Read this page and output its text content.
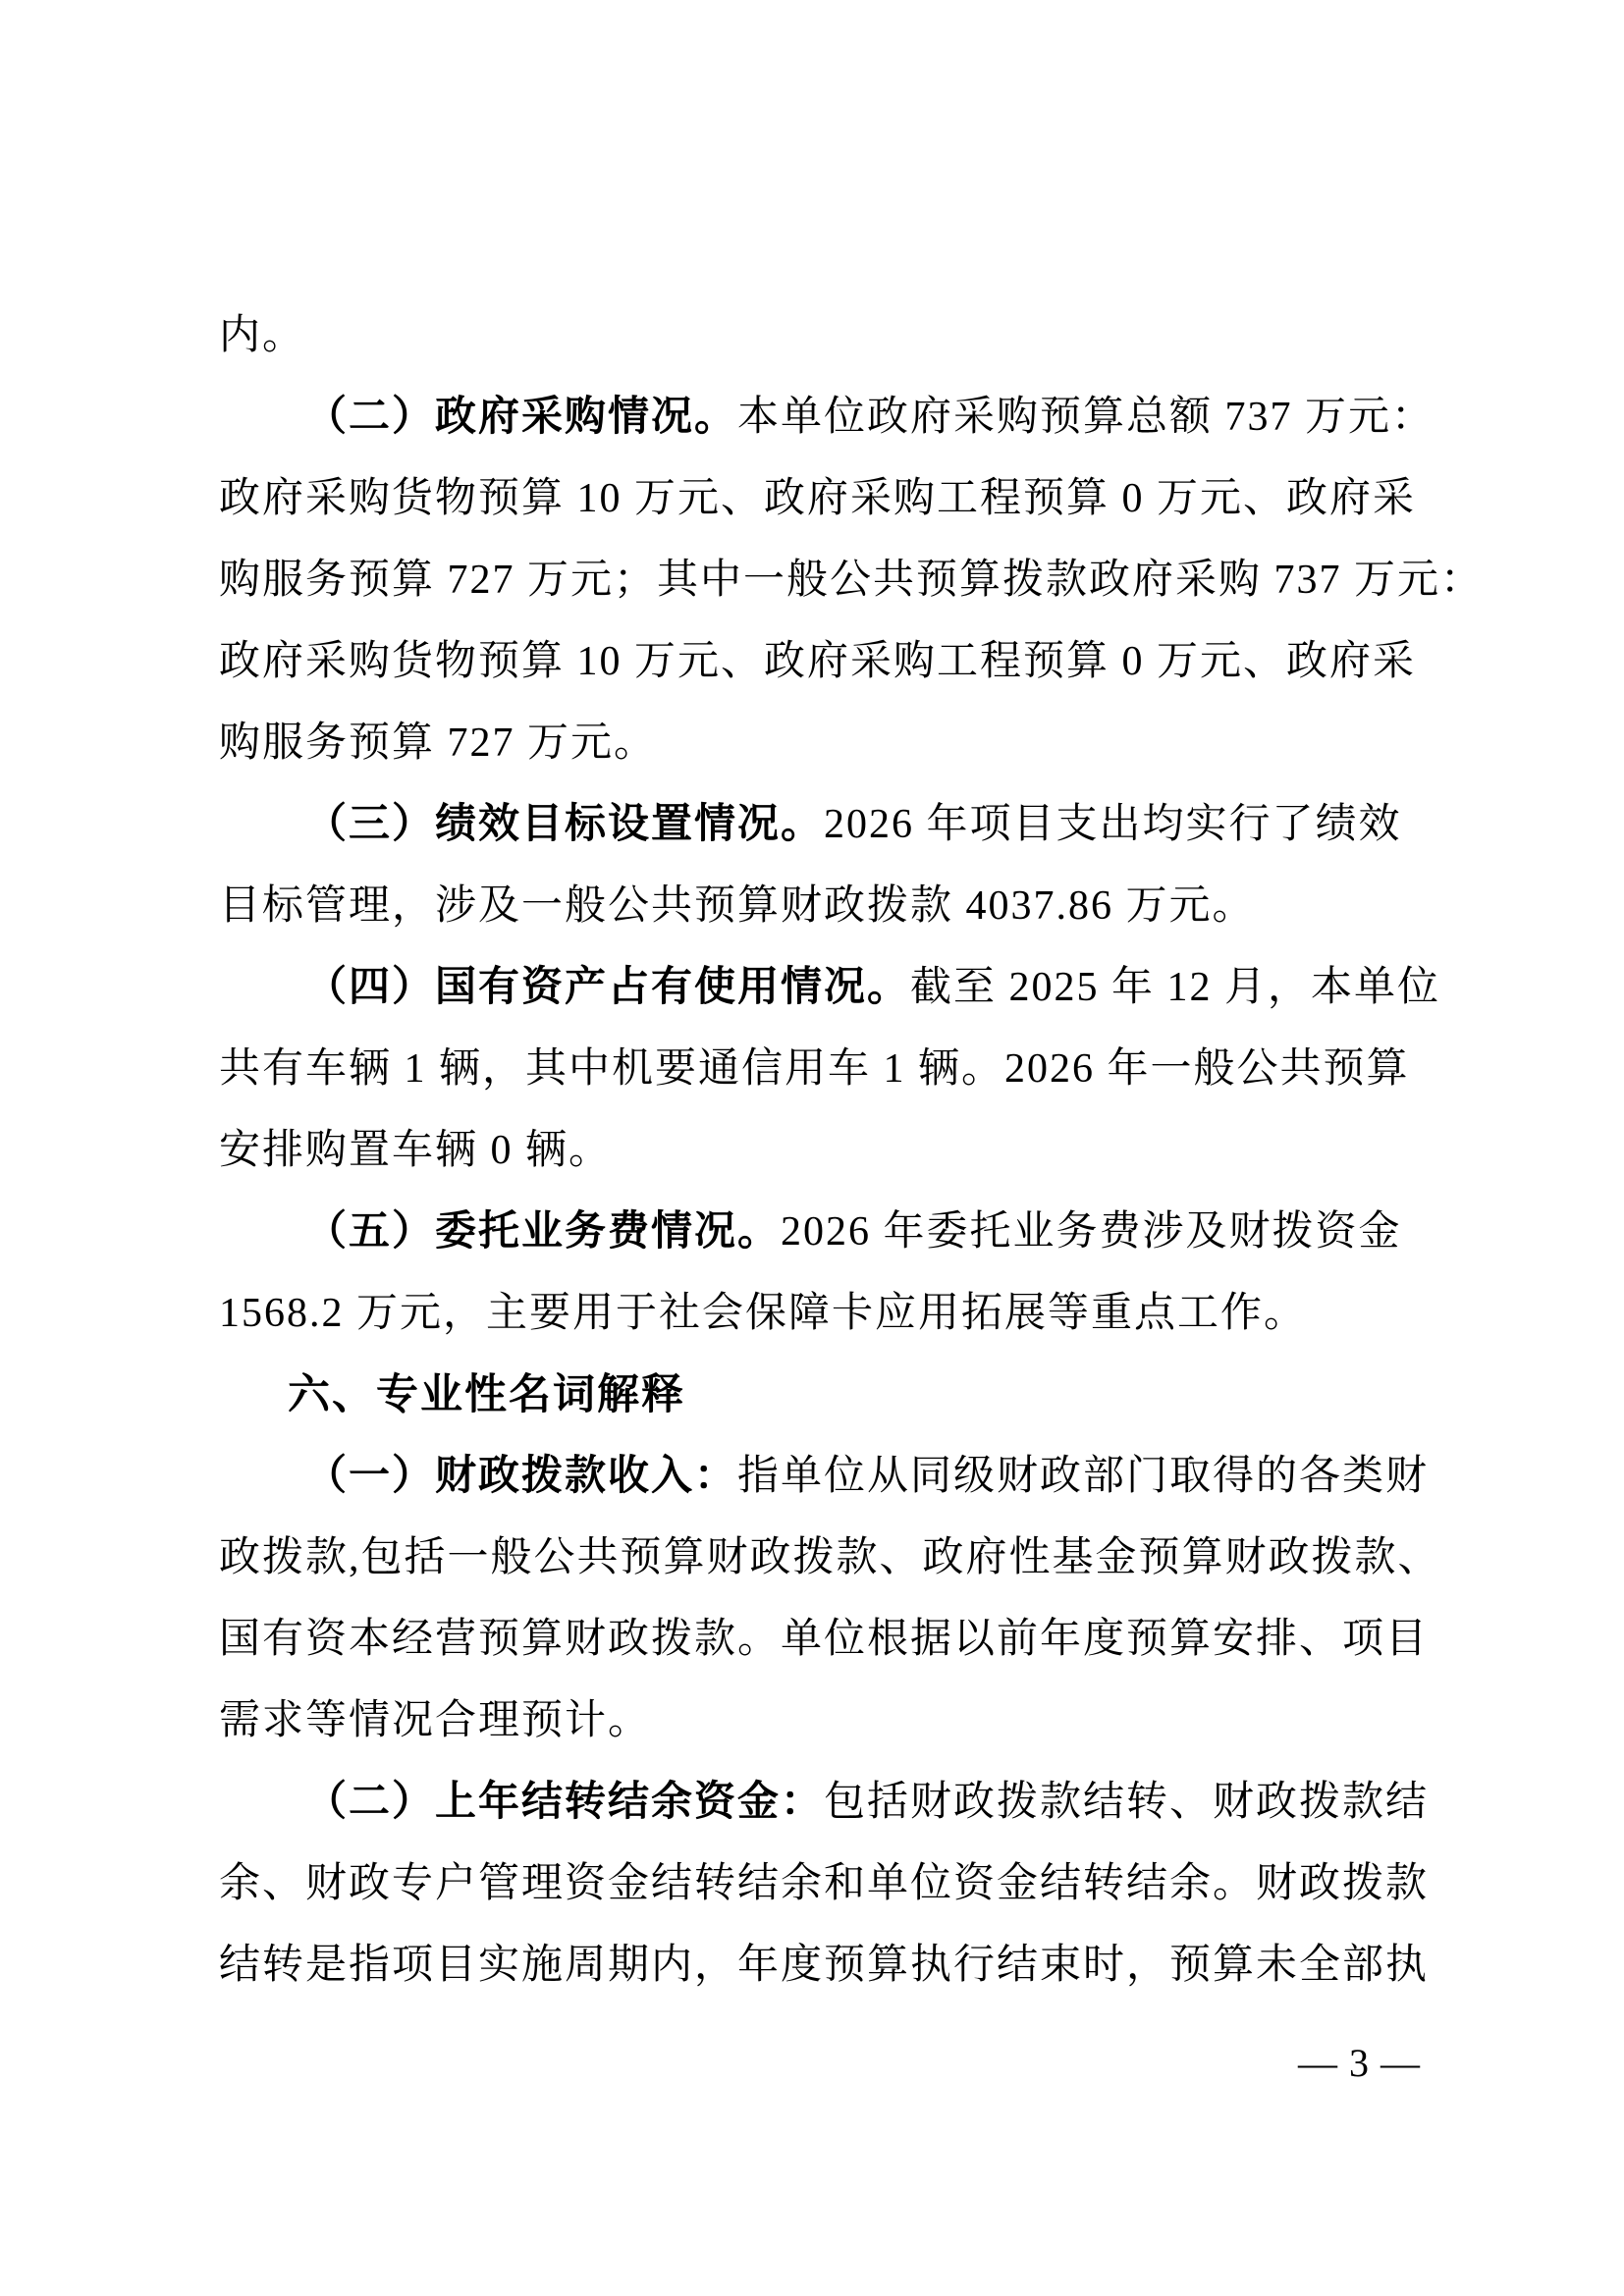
内。
（二）政府采购情况。本单位政府采购预算总额 737 万元：
政府采购货物预算 10 万元、政府采购工程预算 0 万元、政府采
购服务预算 727 万元；其中一般公共预算拨款政府采购 737 万元：
政府采购货物预算 10 万元、政府采购工程预算 0 万元、政府采
购服务预算 727 万元。
（三）绩效目标设置情况。2026 年项目支出均实行了绩效
目标管理，涉及一般公共预算财政拨款 4037.86 万元。
（四）国有资产占有使用情况。截至 2025 年 12 月，本单位
共有车辆 1 辆，其中机要通信用车 1 辆。2026 年一般公共预算
安排购置车辆 0 辆。
（五）委托业务费情况。2026 年委托业务费涉及财拨资金
1568.2 万元，主要用于社会保障卡应用拓展等重点工作。
六、专业性名词解释
（一）财政拨款收入：指单位从同级财政部门取得的各类财
政拨款,包括一般公共预算财政拨款、政府性基金预算财政拨款、
国有资本经营预算财政拨款。单位根据以前年度预算安排、项目
需求等情况合理预计。
（二）上年结转结余资金：包括财政拨款结转、财政拨款结
余、财政专户管理资金结转结余和单位资金结转结余。财政拨款
结转是指项目实施周期内，年度预算执行结束时，预算未全部执
— 3 —
